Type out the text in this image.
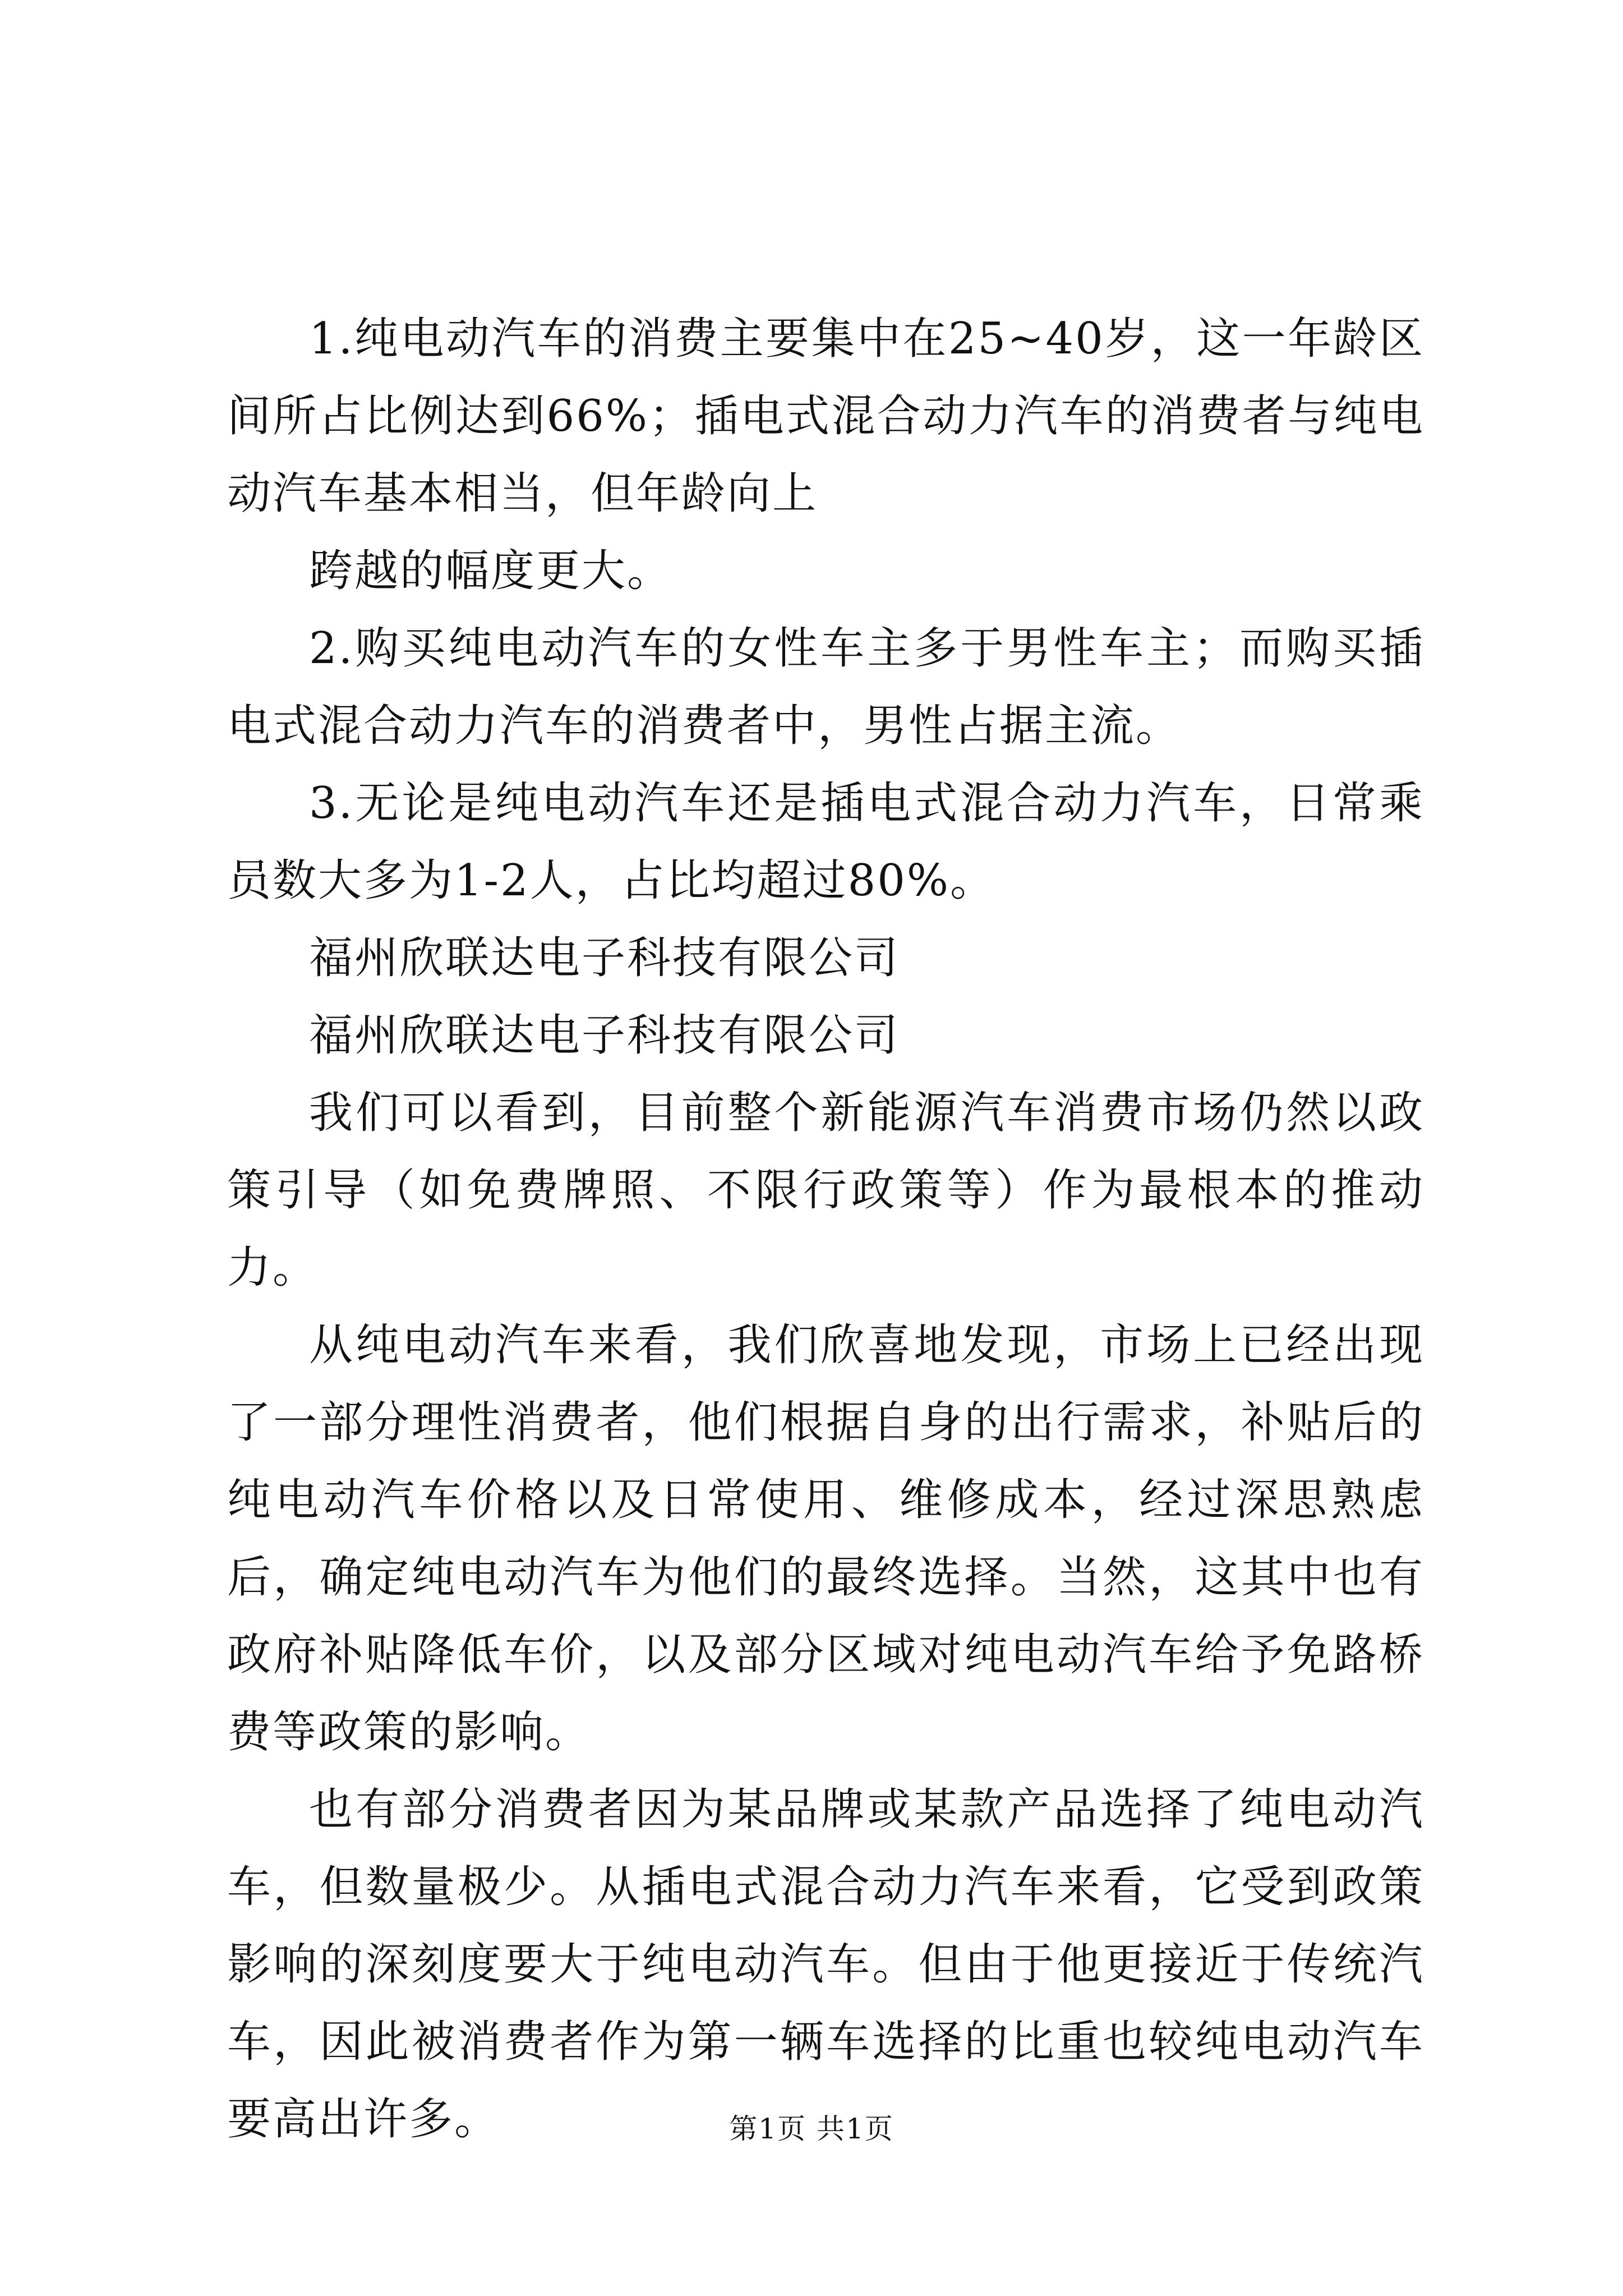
1.纯电动汽车的消费主要集中在25~40岁，这一年龄区间所占比例达到66%；插电式混合动力汽车的消费者与纯电动汽车基本相当，但年龄向上

跨越的幅度更大。

2.购买纯电动汽车的女性车主多于男性车主；而购买插电式混合动力汽车的消费者中，男性占据主流。

3.无论是纯电动汽车还是插电式混合动力汽车，日常乘员数大多为1-2人，占比均超过80%。

福州欣联达电子科技有限公司

福州欣联达电子科技有限公司

我们可以看到，目前整个新能源汽车消费市场仍然以政策引导（如免费牌照、不限行政策等）作为最根本的推动力。

从纯电动汽车来看，我们欣喜地发现，市场上已经出现了一部分理性消费者，他们根据自身的出行需求，补贴后的纯电动汽车价格以及日常使用、维修成本，经过深思熟虑后，确定纯电动汽车为他们的最终选择。当然，这其中也有政府补贴降低车价，以及部分区域对纯电动汽车给予免路桥费等政策的影响。

也有部分消费者因为某品牌或某款产品选择了纯电动汽车，但数量极少。从插电式混合动力汽车来看，它受到政策影响的深刻度要大于纯电动汽车。但由于他更接近于传统汽车，因此被消费者作为第一辆车选择的比重也较纯电动汽车要高出许多。	第1页 共1页
